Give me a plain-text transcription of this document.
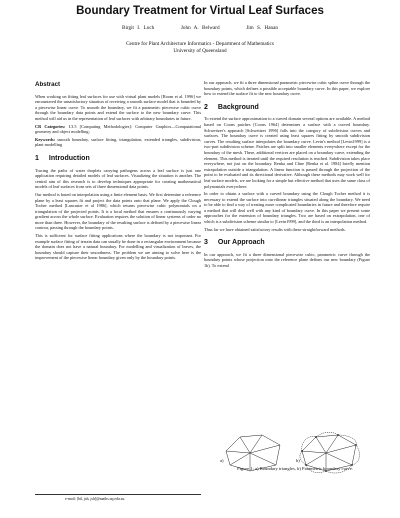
Boundary Treatment for Virtual Leaf Surfaces
Birgit I. Loch	John A. Belward	Jim S. Hanan
Centre for Plant Architecture Informatics - Department of Mathematics
University of Queensland
Abstract

When working on fitting leaf surfaces for use with virtual plant models [Room et al. 1996] we encountered the unsatisfactory situation of receiving a smooth surface model that is bounded by a piecewise linear curve. To smooth the boundary, we fit a parametric piecewise cubic curve through the boundary data points and extend the surface to the new boundary curve. This method will aid us in the representation of leaf surfaces with arbitrary boundaries in future.

CR Categories: I.3.5 [Computing Methodologies]: Computer Graphics—Computational geometry and object modelling;

Keywords: smooth boundary, surface fitting, triangulation, extended triangles, subdivision, plant modelling

1 Introduction

Tracing the paths of water droplets carrying pathogens across a leaf surface is just one application requiring detailed models of leaf surfaces. Visualizing the situation is another. The central aim of this research is to develop techniques appropriate for creating mathematical models of leaf surfaces from sets of three dimensional data points.

Our method is based on interpolation using a finite element basis. We first determine a reference plane by a least squares fit and project the data points onto that plane. We apply the Clough Tocher method [Lancaster et al 1986], which returns piecewise cubic polynomials on a triangulation of the projected points. It is a local method that ensures a continuously varying gradient across the whole surface. Evaluation requires the solution of linear systems of order no more than three. However, the boundary of the resulting surface is defined by a piecewise linear contour, passing through the boundary points.

This is sufficient for surface fitting applications where the boundary is not important. For example surface fitting of terrain data can usually be done in a rectangular environment because the domain does not have a natural boundary. For modelling and visualization of leaves, the boundary should capture their smoothness. The problem we are aiming to solve here is the improvement of the piecewise linear boundary given only by the boundary points.

e-mail: [bil, jah, jsh]@maths.uq.edu.au

In our approach, we fit a three dimensional parametric piecewise cubic spline curve through the boundary points, which defines a possible acceptable boundary curve. In this paper, we explore how to extend the surface fit to the new boundary curve.

2 Background

To extend the surface approximation to a curved domain several options are available. A method based on Coons patches [Coons 1964] determines a surface with a curved boundary. Schweitzer's approach [Schweitzer 1996] falls into the category of subdivision curves and surfaces. The boundary curve is created using least squares fitting by smooth subdivision curves. The resulting surface interpolates the boundary curve. Levin's method [Levin1999] is a two-part subdivision scheme. Patches are split into smaller elements everywhere except for the boundary of the mesh. There, additional vertices are placed on a boundary curve, extending the element. This method is iterated until the required resolution is reached. Subdivision takes place everywhere, not just on the boundary. Renka and Cline [Renka et al. 1984] briefly mention extrapolation outside a triangulation. A linear function is passed through the projection of the point to be evaluated and its directional derivative. Although these methods may work well for leaf surface models, we are looking for a simple but effective method that uses the same class of polynomials everywhere.

In order to obtain a surface with a curved boundary using the Clough Tocher method it is necessary to extend the surface into curvilinear triangles situated along the boundary. We need to be able to find a way of treating more complicated boundaries in future and therefore require a method that will deal well with any kind of boundary curve. In this paper we present some approaches for the extension of boundary triangles. Two are based on extrapolation, one of which is a subdivision scheme similar to [Levin1999], and the third is an interpolation method.

Thus far we have obtained satisfactory results with these straightforward methods.

3 Our Approach

In our approach, we fit a three dimensional piecewise cubic, parametric curve through the boundary points whose projection onto the reference plane defines our new boundary (Figure 1b). To extend

a)	b)
Figure 1: a) Boundary triangles, b) Parametric boundary curve.
